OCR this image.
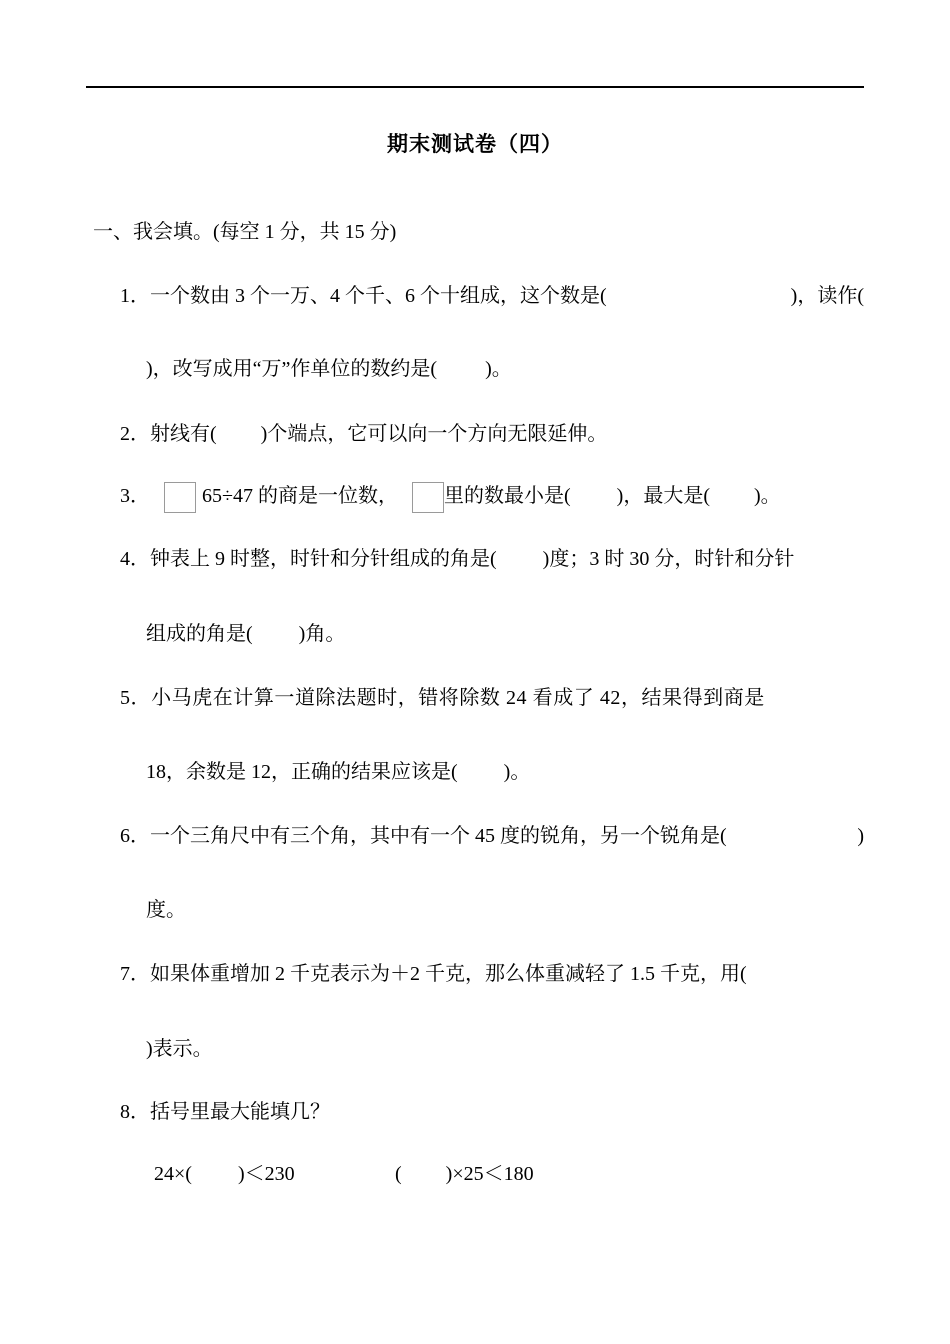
期末测试卷（四）
一、我会填。(每空 1 分，共 15 分)
1．一个数由 3 个一万、4 个千、6 个十组成，这个数是(	)，读作(
)，改写成用“万”作单位的数约是( )。
2．射线有( )个端点，它可以向一个方向无限延伸。
3．	65÷47 的商是一位数， 里的数最小是( )，最大是( )。
4．钟表上 9 时整，时针和分针组成的角是( )度；3 时 30 分，时针和分针
组成的角是( )角。
5．小马虎在计算一道除法题时，错将除数 24 看成了 42，结果得到商是
18，余数是 12，正确的结果应该是( )。
6．一个三角尺中有三个角，其中有一个 45 度的锐角，另一个锐角是(	)
度。
7．如果体重增加 2 千克表示为＋2 千克，那么体重减轻了 1.5 千克，用(
)表示。
8．括号里最大能填几？
24×( )＜230	( )×25＜180
